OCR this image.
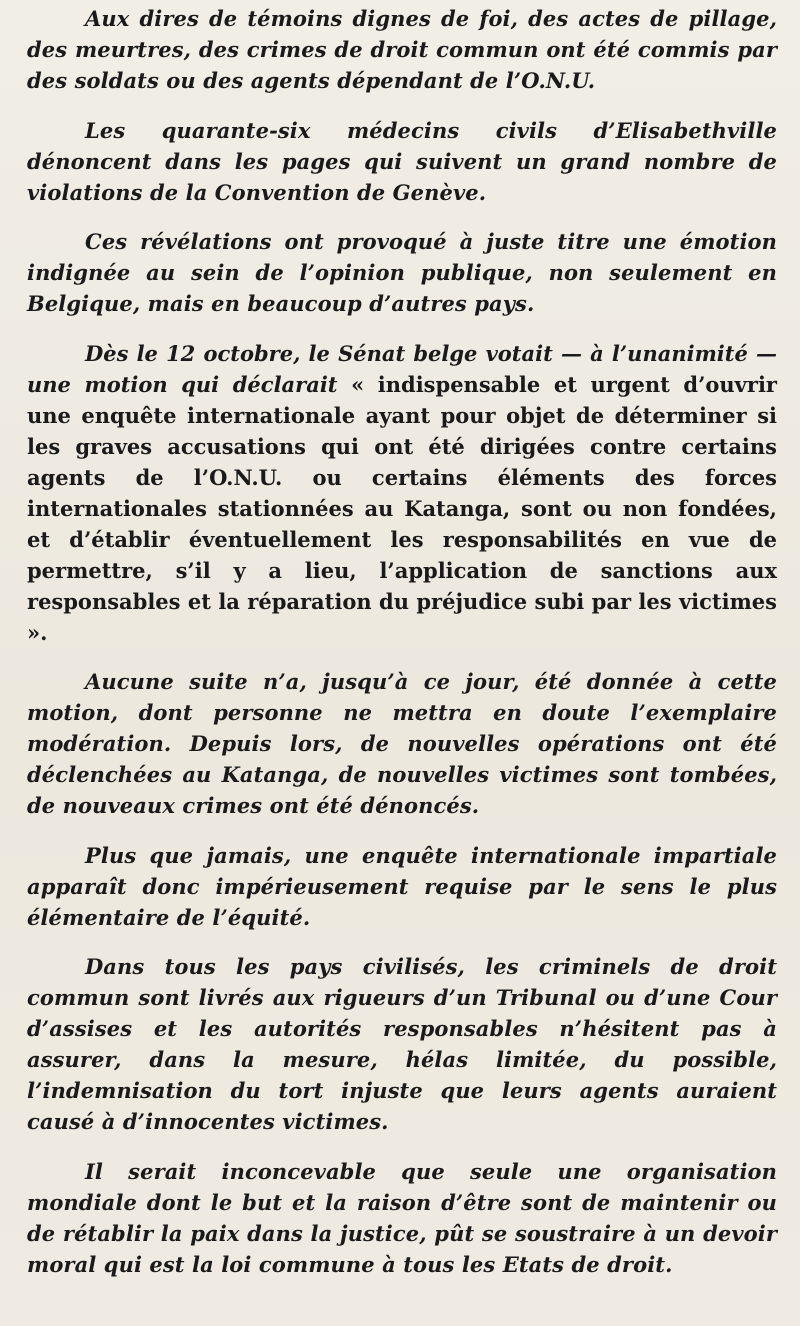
Aux dires de témoins dignes de foi, des actes de pillage, des meurtres, des crimes de droit commun ont été commis par des soldats ou des agents dépendant de l’O.N.U.

Les quarante-six médecins civils d’Elisabethville dénoncent dans les pages qui suivent un grand nombre de violations de la Convention de Genève.

Ces révélations ont provoqué à juste titre une émotion indignée au sein de l’opinion publique, non seulement en Belgique, mais en beaucoup d’autres pays.

Dès le 12 octobre, le Sénat belge votait — à l’unanimité — une motion qui déclarait « indispensable et urgent d’ouvrir une enquête internationale ayant pour objet de déterminer si les graves accusations qui ont été dirigées contre certains agents de l’O.N.U. ou certains éléments des forces internationales stationnées au Katanga, sont ou non fondées, et d’établir éventuellement les responsabilités en vue de permettre, s’il y a lieu, l’application de sanctions aux responsables et la réparation du préjudice subi par les victimes ».

Aucune suite n’a, jusqu’à ce jour, été donnée à cette motion, dont personne ne mettra en doute l’exemplaire modération. Depuis lors, de nouvelles opérations ont été déclenchées au Katanga, de nouvelles victimes sont tombées, de nouveaux crimes ont été dénoncés.

Plus que jamais, une enquête internationale impartiale apparaît donc impérieusement requise par le sens le plus élémentaire de l’équité.

Dans tous les pays civilisés, les criminels de droit commun sont livrés aux rigueurs d’un Tribunal ou d’une Cour d’assises et les autorités responsables n’hésitent pas à assurer, dans la mesure, hélas limitée, du possible, l’indemnisation du tort injuste que leurs agents auraient causé à d’innocentes victimes.

Il serait inconcevable que seule une organisation mondiale dont le but et la raison d’être sont de maintenir ou de rétablir la paix dans la justice, pût se soustraire à un devoir moral qui est la loi commune à tous les Etats de droit.
